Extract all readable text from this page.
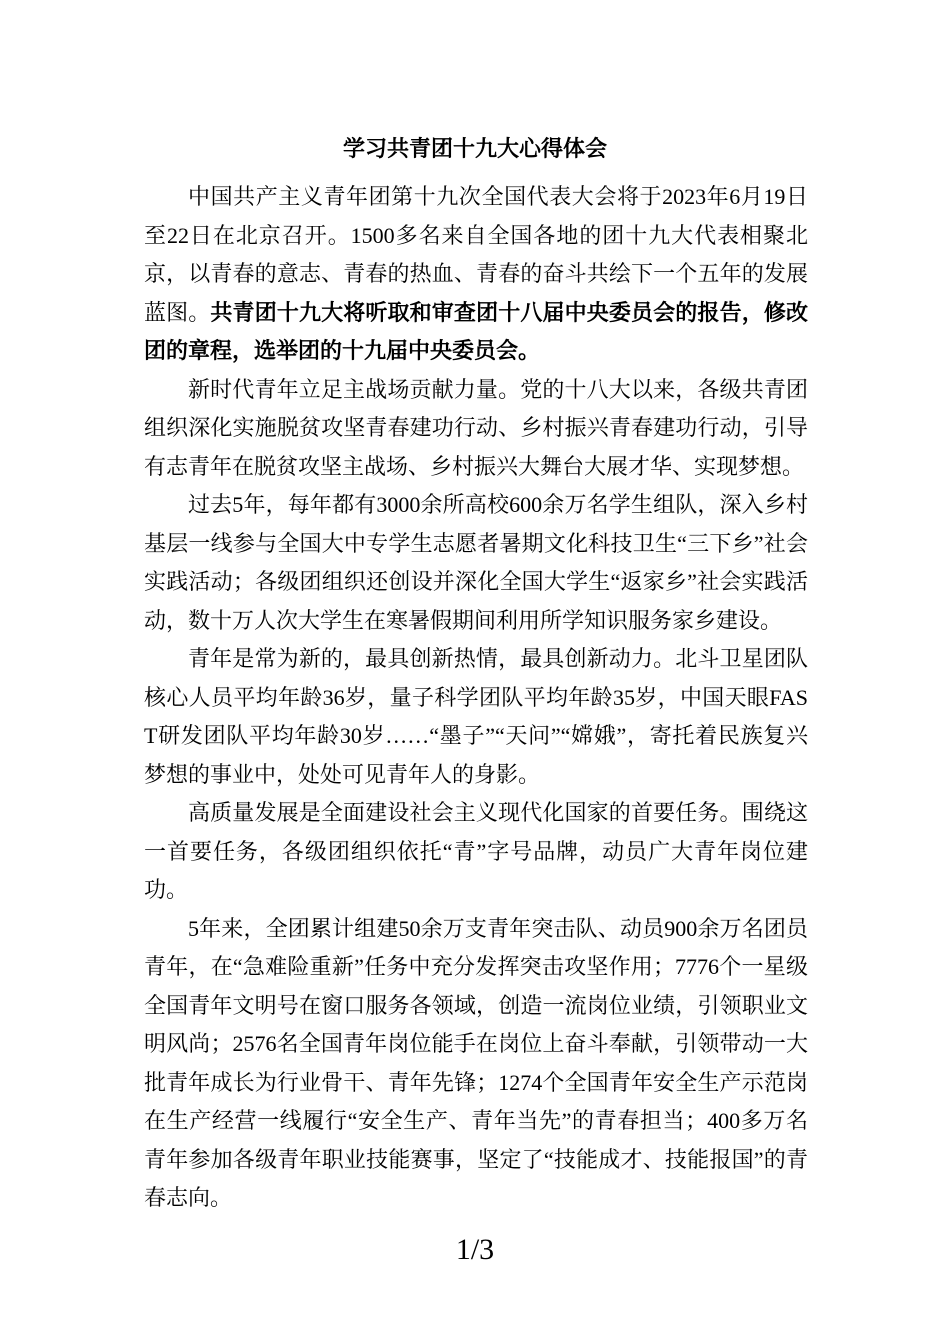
学习共青团十九大心得体会

中国共产主义青年团第十九次全国代表大会将于2023年6月19日至22日在北京召开。1500多名来自全国各地的团十九大代表相聚北京，以青春的意志、青春的热血、青春的奋斗共绘下一个五年的发展蓝图。共青团十九大将听取和审查团十八届中央委员会的报告，修改团的章程，选举团的十九届中央委员会。

新时代青年立足主战场贡献力量。党的十八大以来，各级共青团组织深化实施脱贫攻坚青春建功行动、乡村振兴青春建功行动，引导有志青年在脱贫攻坚主战场、乡村振兴大舞台大展才华、实现梦想。

过去5年，每年都有3000余所高校600余万名学生组队，深入乡村基层一线参与全国大中专学生志愿者暑期文化科技卫生“三下乡”社会实践活动；各级团组织还创设并深化全国大学生“返家乡”社会实践活动，数十万人次大学生在寒暑假期间利用所学知识服务家乡建设。

青年是常为新的，最具创新热情，最具创新动力。北斗卫星团队核心人员平均年龄36岁，量子科学团队平均年龄35岁，中国天眼FAST研发团队平均年龄30岁……“墨子”“天问”“嫦娥”，寄托着民族复兴梦想的事业中，处处可见青年人的身影。

高质量发展是全面建设社会主义现代化国家的首要任务。围绕这一首要任务，各级团组织依托“青”字号品牌，动员广大青年岗位建功。

5年来，全团累计组建50余万支青年突击队、动员900余万名团员青年，在“急难险重新”任务中充分发挥突击攻坚作用；7776个一星级全国青年文明号在窗口服务各领域，创造一流岗位业绩，引领职业文明风尚；2576名全国青年岗位能手在岗位上奋斗奉献，引领带动一大批青年成长为行业骨干、青年先锋；1274个全国青年安全生产示范岗在生产经营一线履行“安全生产、青年当先”的青春担当；400多万名青年参加各级青年职业技能赛事，坚定了“技能成才、技能报国”的青春志向。

1/3
